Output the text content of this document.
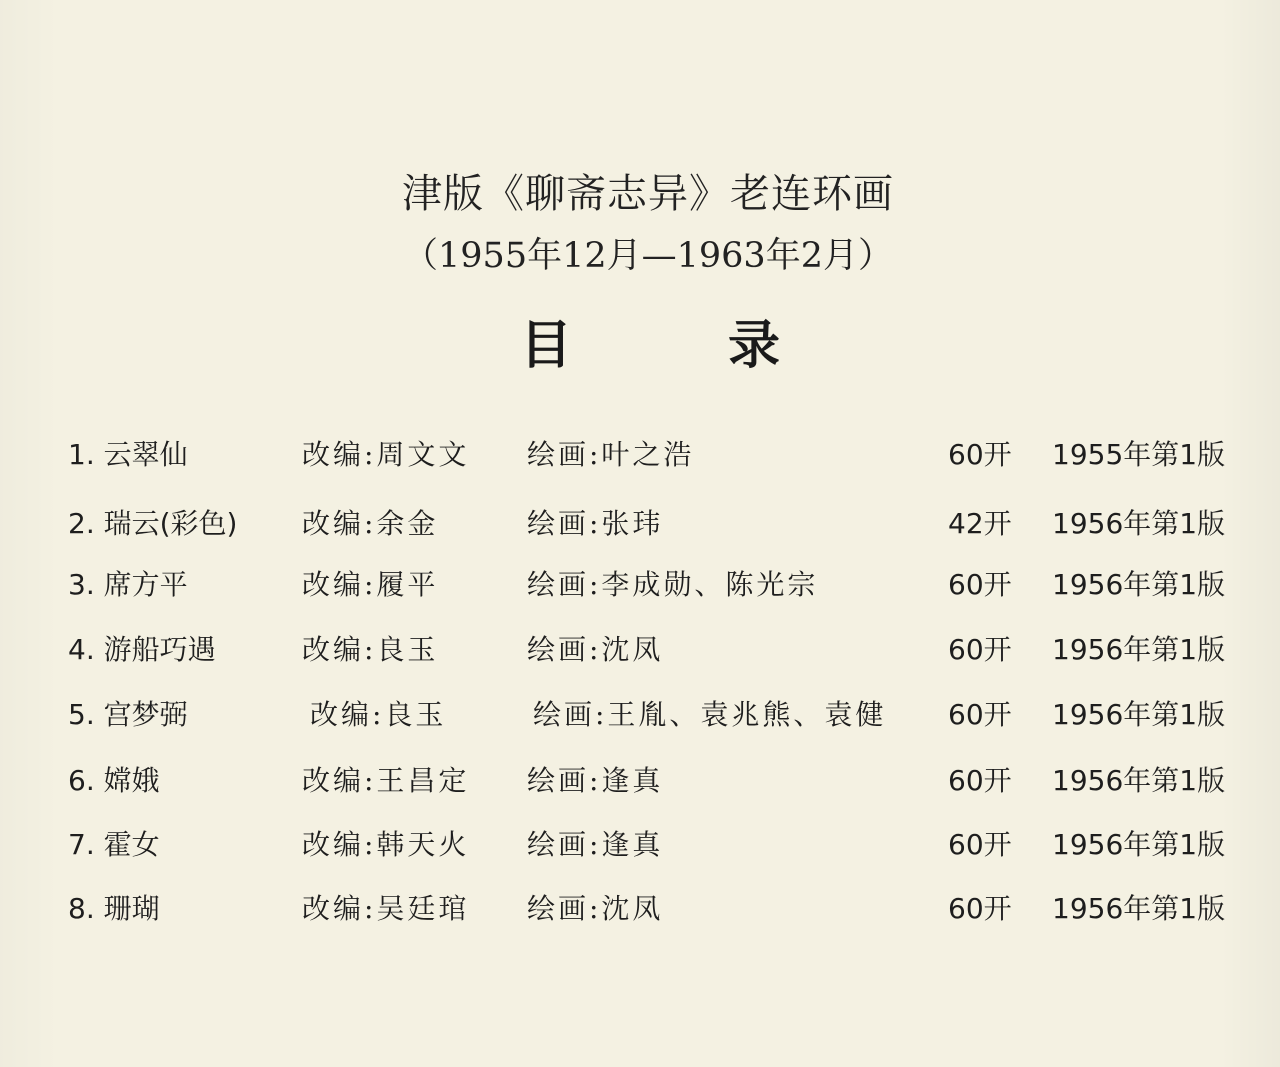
津版《聊斋志异》老连环画
（1955年12月—1963年2月）
目	录
1. 云翠仙	改编:周文文 绘画:叶之浩	60开 1955年第1版
2. 瑞云(彩色) 改编:余金	绘画:张玮	42开 1956年第1版
3. 席方平	改编:履平	绘画:李成勋、陈光宗	60开 1956年第1版
4. 游船巧遇	改编:良玉	绘画:沈凤	60开 1956年第1版
5. 宫梦弼	改编:良玉	绘画:王胤、袁兆熊、袁健 60开 1956年第1版
6. 嫦娥	改编:王昌定 绘画:逢真	60开 1956年第1版
7. 霍女	改编:韩天火 绘画:逢真	60开 1956年第1版
8. 珊瑚	改编:吴廷琯 绘画:沈凤	60开 1956年第1版
